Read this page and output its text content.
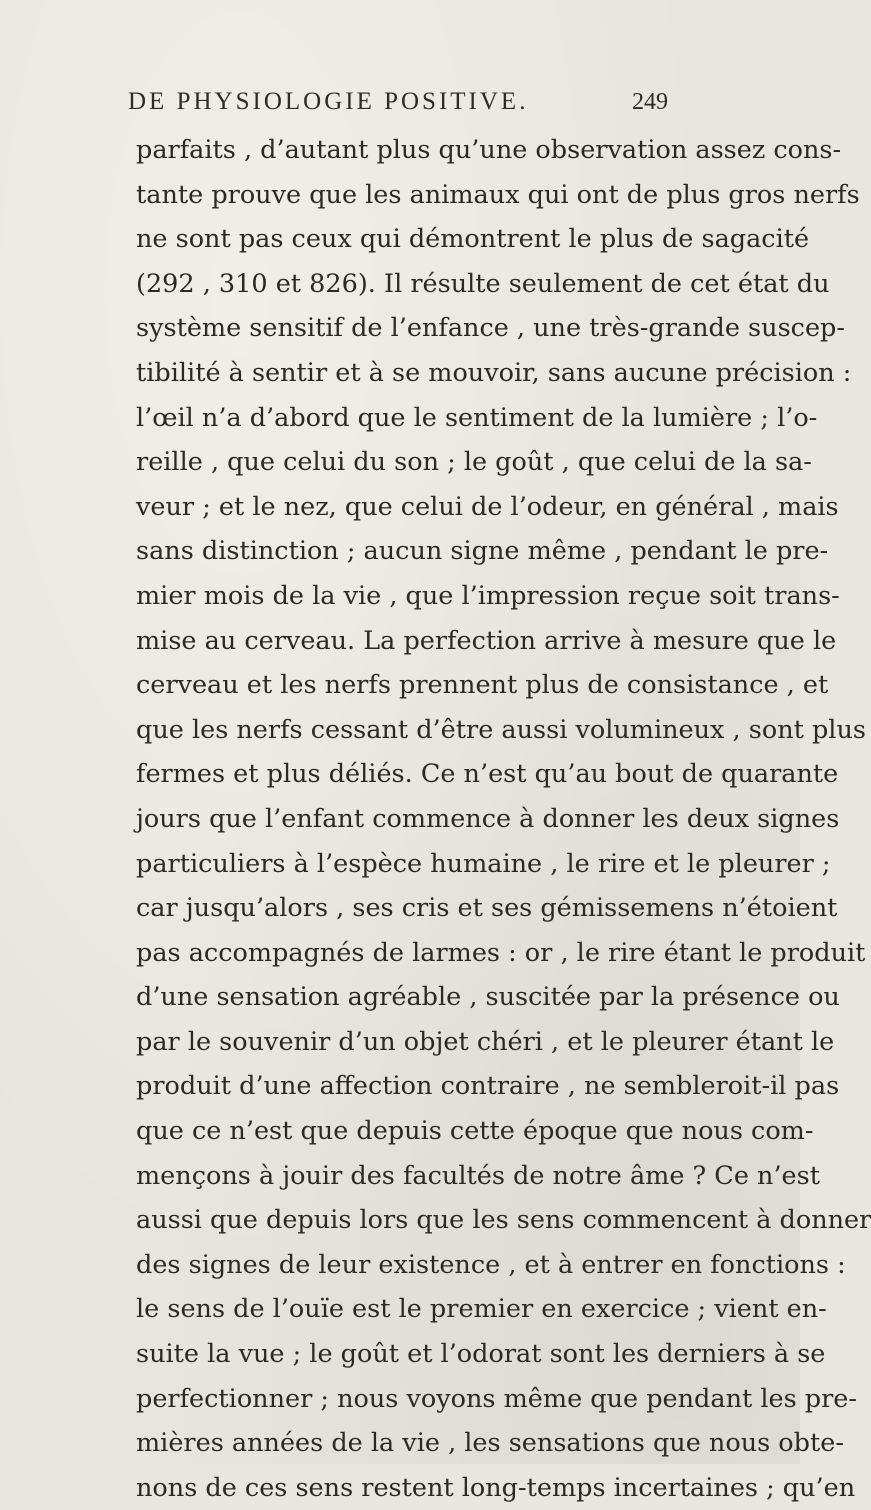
DE PHYSIOLOGIE POSITIVE.	249
parfaits , d’autant plus qu’une observation assez cons-
tante prouve que les animaux qui ont de plus gros nerfs
ne sont pas ceux qui démontrent le plus de sagacité
(292 , 310 et 826). Il résulte seulement de cet état du
système sensitif de l’enfance , une très-grande suscep-
tibilité à sentir et à se mouvoir, sans aucune précision :
l’œil n’a d’abord que le sentiment de la lumière ; l’o-
reille , que celui du son ; le goût , que celui de la sa-
veur ; et le nez, que celui de l’odeur, en général , mais
sans distinction ; aucun signe même , pendant le pre-
mier mois de la vie , que l’impression reçue soit trans-
mise au cerveau. La perfection arrive à mesure que le
cerveau et les nerfs prennent plus de consistance , et
que les nerfs cessant d’être aussi volumineux , sont plus
fermes et plus déliés. Ce n’est qu’au bout de quarante
jours que l’enfant commence à donner les deux signes
particuliers à l’espèce humaine , le rire et le pleurer ;
car jusqu’alors , ses cris et ses gémissemens n’étoient
pas accompagnés de larmes : or , le rire étant le produit
d’une sensation agréable , suscitée par la présence ou
par le souvenir d’un objet chéri , et le pleurer étant le
produit d’une affection contraire , ne sembleroit-il pas
que ce n’est que depuis cette époque que nous com-
mençons à jouir des facultés de notre âme ? Ce n’est
aussi que depuis lors que les sens commencent à donner
des signes de leur existence , et à entrer en fonctions :
le sens de l’ouïe est le premier en exercice ; vient en-
suite la vue ; le goût et l’odorat sont les derniers à se
perfectionner ; nous voyons même que pendant les pre-
mières années de la vie , les sensations que nous obte-
nons de ces sens restent long-temps incertaines ; qu’en
